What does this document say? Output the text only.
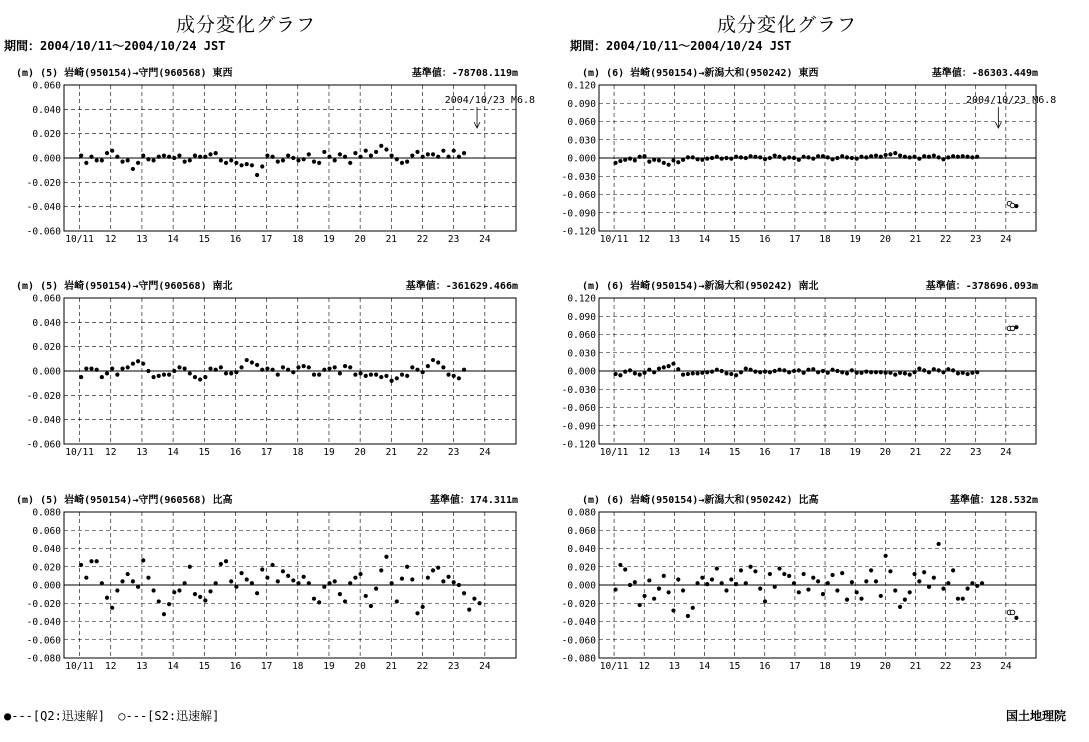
成分変化グラフ	成分変化グラフ
期間：2004/10/11～2004/10/24 JST	期間：2004/10/11～2004/10/24 JST
(m) (5) 岩崎(950154)→守門(960568) 東西	基準値：-78708.119m
0.060
0.040
0.020
0.000
-0.020
-0.040
-0.060
10/11 12 13 14 15 16 17 18 19 20 21 22 23 24
2004/10/23 M6.8
(m) (6) 岩崎(950154)→新潟大和(950242) 東西	基準値：-86303.449m
0.120
0.090
0.060
0.030
0.000
-0.030
-0.060
-0.090
-0.120
10/11 12 13 14 15 16 17 18 19 20 21 22 23 24
2004/10/23 M6.8
(m) (5) 岩崎(950154)→守門(960568) 南北	基準値：-361629.466m
0.060
0.040
0.020
0.000
-0.020
-0.040
-0.060
10/11 12 13 14 15 16 17 18 19 20 21 22 23 24
(m) (6) 岩崎(950154)→新潟大和(950242) 南北	基準値：-378696.093m
0.120
0.090
0.060
0.030
0.000
-0.030
-0.060
-0.090
-0.120
10/11 12 13 14 15 16 17 18 19 20 21 22 23 24
(m) (5) 岩崎(950154)→守門(960568) 比高	基準値：174.311m
0.080
0.060
0.040
0.020
0.000
-0.020
-0.040
-0.060
-0.080
10/11 12 13 14 15 16 17 18 19 20 21 22 23 24
(m) (6) 岩崎(950154)→新潟大和(950242) 比高	基準値：128.532m
0.080
0.060
0.040
0.020
0.000
-0.020
-0.040
-0.060
-0.080
10/11 12 13 14 15 16 17 18 19 20 21 22 23 24
●---[Q2:迅速解] ○---[S2:迅速解]	国土地理院
